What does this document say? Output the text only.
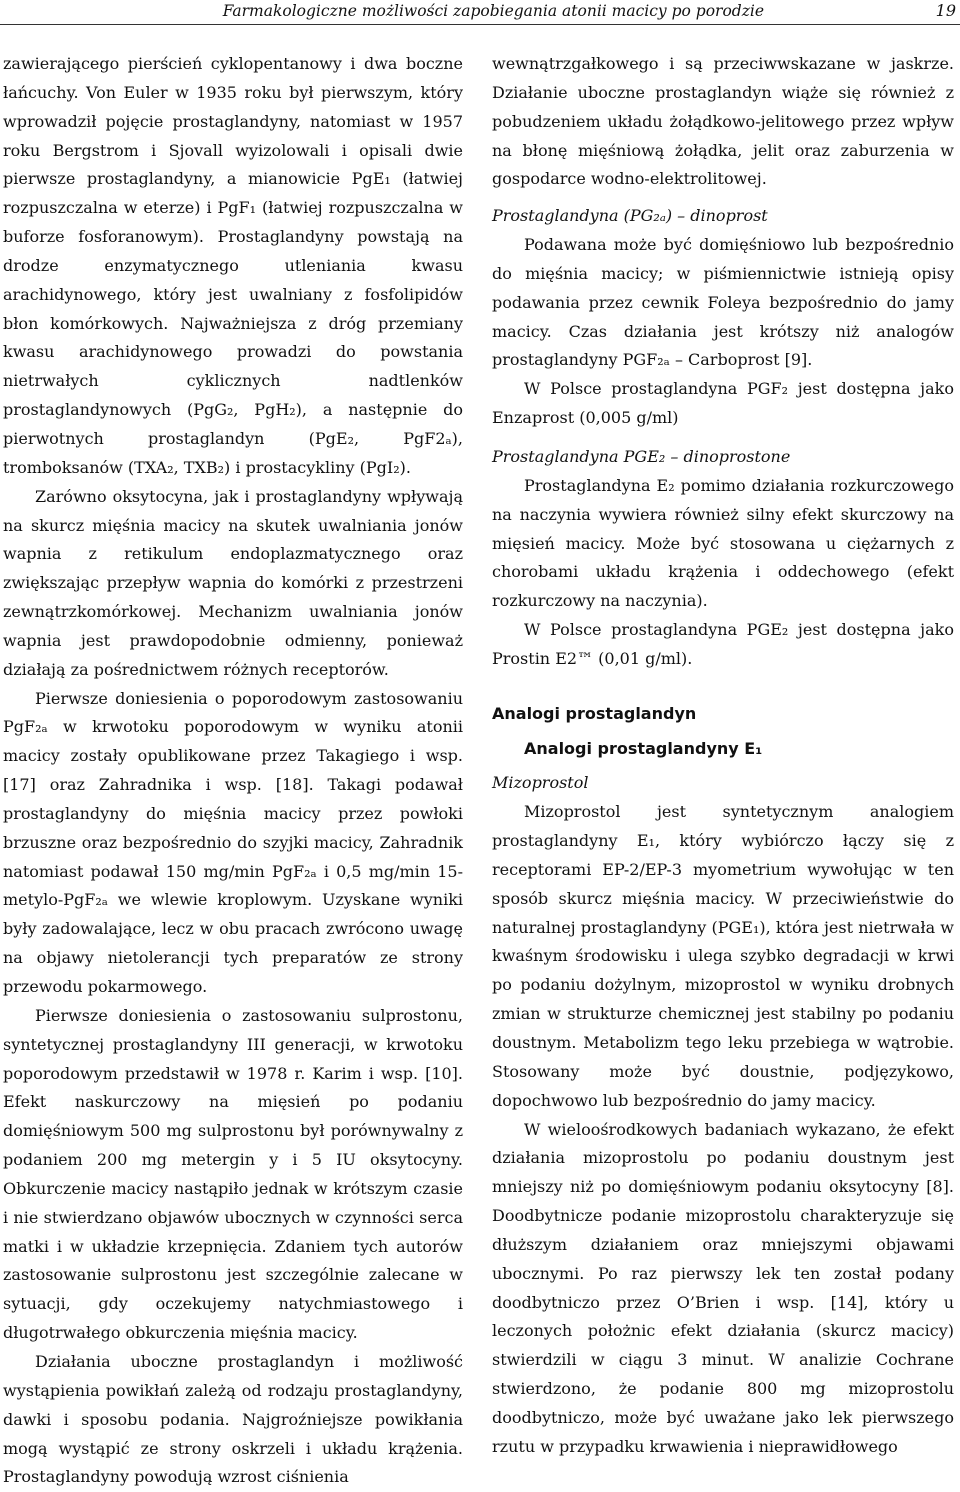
Farmakologiczne możliwości zapobiegania atonii macicy po porodzie	19

zawierającego pierścień cyklopentanowy i dwa boczne łańcuchy. Von Euler w 1935 roku był pierwszym, który wprowadził pojęcie prostaglandyny, natomiast w 1957 roku Bergstrom i Sjovall wyizolowali i opisali dwie pierwsze prostaglandyny, a mianowicie PgE₁ (łatwiej rozpuszczalna w eterze) i PgF₁ (łatwiej rozpuszczalna w buforze fosforanowym). Prostaglandyny powstają na drodze enzymatycznego utleniania kwasu arachidynowego, który jest uwalniany z fosfolipidów błon komórkowych. Najważniejsza z dróg przemiany kwasu arachidynowego prowadzi do powstania nietrwałych cyklicznych nadtlenków prostaglandynowych (PgG₂, PgH₂), a następnie do pierwotnych prostaglandyn (PgE₂, PgF2ₐ), tromboksanów (TXA₂, TXB₂) i prostacykliny (PgI₂).

Zarówno oksytocyna, jak i prostaglandyny wpływają na skurcz mięśnia macicy na skutek uwalniania jonów wapnia z retikulum endoplazmatycznego oraz zwiększając przepływ wapnia do komórki z przestrzeni zewnątrzkomórkowej. Mechanizm uwalniania jonów wapnia jest prawdopodobnie odmienny, ponieważ działają za pośrednictwem różnych receptorów.

Pierwsze doniesienia o poporodowym zastosowaniu PgF₂ₐ w krwotoku poporodowym w wyniku atonii macicy zostały opublikowane przez Takagiego i wsp. [17] oraz Zahradnika i wsp. [18]. Takagi podawał prostaglandyny do mięśnia macicy przez powłoki brzuszne oraz bezpośrednio do szyjki macicy, Zahradnik natomiast podawał 150 mg/min PgF₂ₐ i 0,5 mg/min 15-metylo-PgF₂ₐ we wlewie kroplowym. Uzyskane wyniki były zadowalające, lecz w obu pracach zwrócono uwagę na objawy nietolerancji tych preparatów ze strony przewodu pokarmowego.

Pierwsze doniesienia o zastosowaniu sulprostonu, syntetycznej prostaglandyny III generacji, w krwotoku poporodowym przedstawił w 1978 r. Karim i wsp. [10]. Efekt naskurczowy na mięsień po podaniu domięśniowym 500 mg sulprostonu był porównywalny z podaniem 200 mg metergin y i 5 IU oksytocyny. Obkurczenie macicy nastąpiło jednak w krótszym czasie i nie stwierdzano objawów ubocznych w czynności serca matki i w układzie krzepnięcia. Zdaniem tych autorów zastosowanie sulprostonu jest szczególnie zalecane w sytuacji, gdy oczekujemy natychmiastowego i długotrwałego obkurczenia mięśnia macicy.

Działania uboczne prostaglandyn i możliwość wystąpienia powikłań zależą od rodzaju prostaglandyny, dawki i sposobu podania. Najgroźniejsze powikłania mogą wystąpić ze strony oskrzeli i układu krążenia. Prostaglandyny powodują wzrost ciśnienia

wewnątrzgałkowego i są przeciwwskazane w jaskrze. Działanie uboczne prostaglandyn wiąże się również z pobudzeniem układu żołądkowo-jelitowego przez wpływ na błonę mięśniową żołądka, jelit oraz zaburzenia w gospodarce wodno-elektrolitowej.

Prostaglandyna (PG₂ₐ) – dinoprost

Podawana może być domięśniowo lub bezpośrednio do mięśnia macicy; w piśmiennictwie istnieją opisy podawania przez cewnik Foleya bezpośrednio do jamy macicy. Czas działania jest krótszy niż analogów prostaglandyny PGF₂ₐ – Carboprost [9].

W Polsce prostaglandyna PGF₂ jest dostępna jako Enzaprost (0,005 g/ml)

Prostaglandyna PGE₂ – dinoprostone

Prostaglandyna E₂ pomimo działania rozkurczowego na naczynia wywiera również silny efekt skurczowy na mięsień macicy. Może być stosowana u ciężarnych z chorobami układu krążenia i oddechowego (efekt rozkurczowy na naczynia).

W Polsce prostaglandyna PGE₂ jest dostępna jako Prostin E2™ (0,01 g/ml).

Analogi prostaglandyn

Analogi prostaglandyny E₁

Mizoprostol

Mizoprostol jest syntetycznym analogiem prostaglandyny E₁, który wybiórczo łączy się z receptorami EP-2/EP-3 myometrium wywołując w ten sposób skurcz mięśnia macicy. W przeciwieństwie do naturalnej prostaglandyny (PGE₁), która jest nietrwała w kwaśnym środowisku i ulega szybko degradacji w krwi po podaniu dożylnym, mizoprostol w wyniku drobnych zmian w strukturze chemicznej jest stabilny po podaniu doustnym. Metabolizm tego leku przebiega w wątrobie. Stosowany może być doustnie, podjęzykowo, dopochwowo lub bezpośrednio do jamy macicy.

W wieloośrodkowych badaniach wykazano, że efekt działania mizoprostolu po podaniu doustnym jest mniejszy niż po domięśniowym podaniu oksytocyny [8]. Doodbytnicze podanie mizoprostolu charakteryzuje się dłuższym działaniem oraz mniejszymi objawami ubocznymi. Po raz pierwszy lek ten został podany doodbytniczo przez O’Brien i wsp. [14], który u leczonych położnic efekt działania (skurcz macicy) stwierdzili w ciągu 3 minut. W analizie Cochrane stwierdzono, że podanie 800 mg mizoprostolu doodbytniczo, może być uważane jako lek pierwszego rzutu w przypadku krwawienia i nieprawidłowego
